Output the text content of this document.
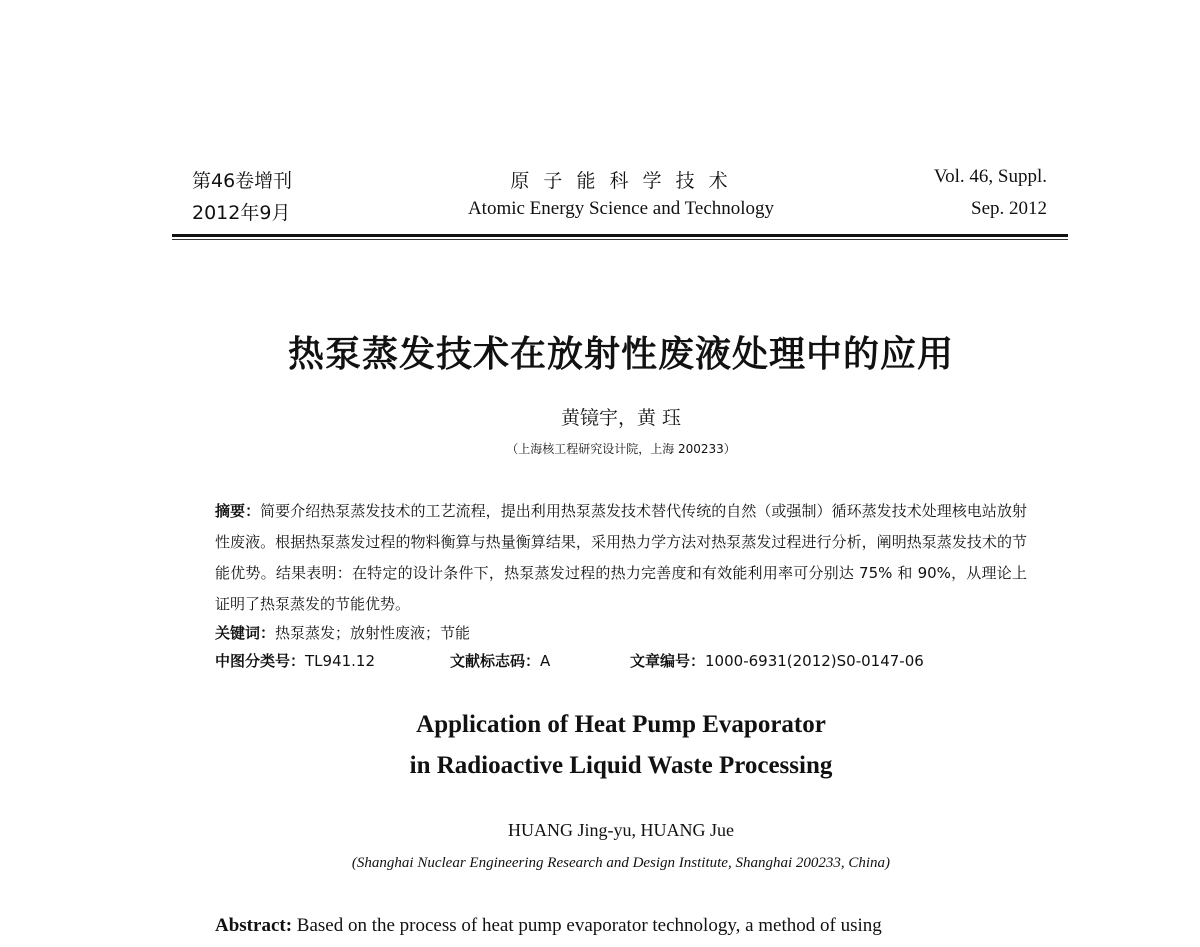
第46卷增刊
2012年9月
原 子 能 科 学 技 术
Atomic Energy Science and Technology
Vol. 46, Suppl.
Sep. 2012
热泵蒸发技术在放射性废液处理中的应用
黄镜宇，黄 珏
（上海核工程研究设计院，上海 200233）

摘要：简要介绍热泵蒸发技术的工艺流程，提出利用热泵蒸发技术替代传统的自然（或强制）循环蒸发技术处理核电站放射性废液。根据热泵蒸发过程的物料衡算与热量衡算结果，采用热力学方法对热泵蒸发过程进行分析，阐明热泵蒸发技术的节能优势。结果表明：在特定的设计条件下，热泵蒸发过程的热力完善度和有效能利用率可分别达 75% 和 90%，从理论上证明了热泵蒸发的节能优势。

关键词：热泵蒸发；放射性废液；节能

中图分类号：TL941.12	文献标志码：A	文章编号：1000-6931(2012)S0-0147-06

Application of Heat Pump Evaporator
in Radioactive Liquid Waste Processing
HUANG Jing-yu, HUANG Jue
(Shanghai Nuclear Engineering Research and Design Institute, Shanghai 200233, China)
Abstract: Based on the process of heat pump evaporator technology, a method of using
